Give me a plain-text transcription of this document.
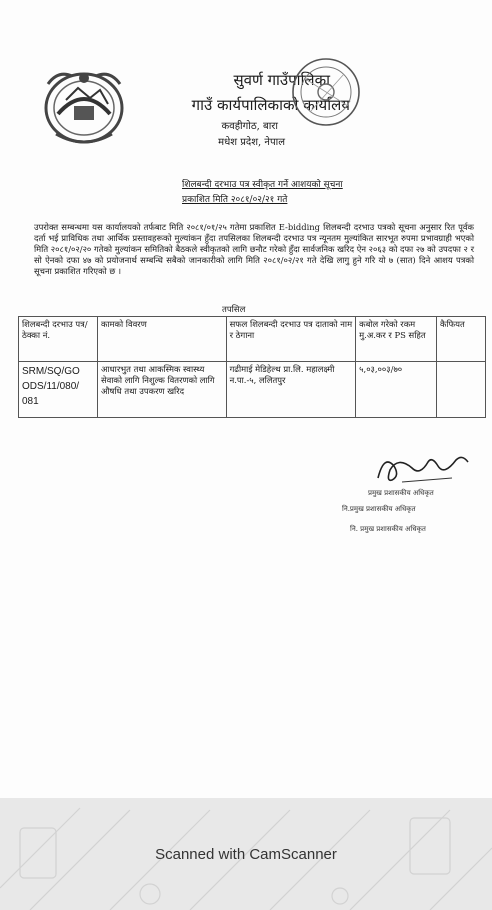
सुवर्ण गाउँपालिका
गाउँ कार्यपालिकाको कार्यालय
कवहीगोठ, बारा
मधेश प्रदेश, नेपाल
शिलबन्दी दरभाउ पत्र स्वीकृत गर्ने आशयको सूचना
प्रकाशित मिति २०८१/०२/२१ गते
उपरोक्त सम्बन्धमा यस कार्यालयको तर्फबाट मिति २०८१/०१/२५ गतेमा प्रकाशित E-bidding शिलबन्दी दरभाउ पत्रको सूचना अनुसार रित पूर्वक दर्ता भई प्राविधिक तथा आर्थिक प्रस्तावहरूको मुल्यांकन हुँदा तपसिलका शिलबन्दी दरभाउ पत्र न्यूनतम मुल्यांकित सारभूत रुपमा प्रभावग्राही भएको मिति २०८१/०२/२० गतेको मुल्यांकन समितिको बैठकले स्वीकृतको लागि छनौट गरेको हुँदा सार्वजनिक खरिद ऐन २०६३ को दफा २७ को उपदफा २ र सो ऐनको दफा ४७ को प्रयोजनार्थ सम्बन्धि सबैको जानकारीको लागि मिति २०८१/०२/२१ गते देखि लागु हुने गरि यो ७ (सात) दिने आशय पत्रको सूचना प्रकाशित गरिएको छ ।
तपसिल
शिलबन्दी दरभाउ पत्र/ठेक्का नं.	कामको विवरण	सफल शिलबन्दी दरभाउ पत्र दाताको नाम र ठेगाना	कबोल गरेको रकम मु.अ.कर र PS सहित	कैफियत
SRM/SQ/GO ODS/11/080/ 081	आधारभुत तथा आकस्मिक स्वास्थ्य सेवाको लागि निशुल्क वितरणको लागि औषधि तथा उपकरण खरिद	गढीमाई मेडिहेल्थ प्रा.लि. महालक्ष्मी न.पा.-५, ललितपुर	५,०३,००३/७०	
प्रमुख प्रशासकीय अधिकृत
नि.प्रमुख प्रशासकीय अधिकृत
नि. प्रमुख प्रशासकीय अधिकृत
Scanned with CamScanner
